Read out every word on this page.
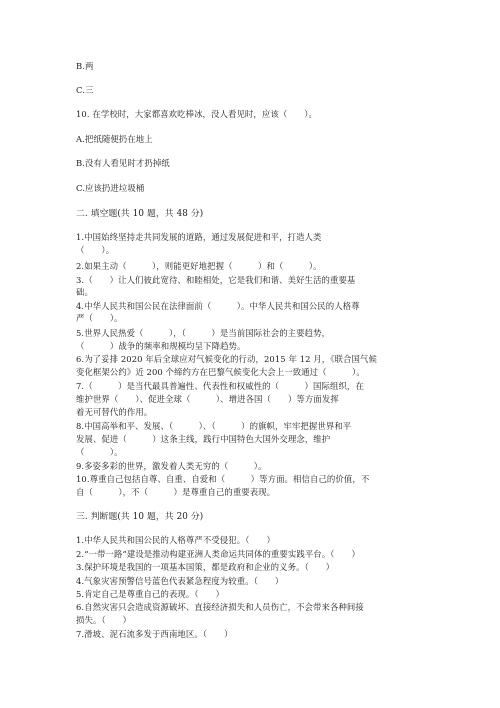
B.两
C.三
10. 在学校时，大家都喜欢吃棒冰，没人看见时，应该（　　）。
A.把纸随便扔在地上
B.没有人看见时才扔掉纸
C.应该扔进垃圾桶
二. 填空题(共 10 题，共 48 分)
1.中国始终坚持走共同发展的道路，通过发展促进和平，打造人类
（　　）。
2.如果主动（　　　），则能更好地把握（　　　）和（　　　）。
3.（　　）让人们彼此宽待、和睦相处，它是我们和谐、美好生活的重要基
础。
4.中华人民共和国公民在法律面前（　　　）。中华人民共和国公民的人格尊
严（　　）。
5.世界人民热爱（　　　），（　　　）是当前国际社会的主要趋势，
（　　　）战争的频率和规模均呈下降趋势。
6.为了妥排 2020 年后全球应对气候变化的行动，2015 年 12 月，《联合国气候
变化框架公约》近 200 个缔约方在巴黎气候变化大会上一致通过（　　　）。
7.（　　　）是当代最具普遍性、代表性和权威性的（　　　）国际组织，在
维护世界（　　）、促进全球（　　　）、增进各国（　　）等方面发挥
着无可替代的作用。
8.中国高举和平、发展、（　　　）、（　　　）的旗帜，牢牢把握世界和平
发展、促进（　　　）这条主线，践行中国特色大国外交理念，维护
（　　　）。
9.多姿多彩的世界，激发着人类无穷的（　　　）。
10.尊重自己包括自尊、自重、自爱和（　　　）等方面。相信自己的价值，不
自（　　　），不（　　　）是尊重自己的重要表现。
三. 判断题(共 10 题，共 20 分)
1.中华人民共和国公民的人格尊严不受侵犯。（　　）
2.“一带一路”建设是推动构建亚洲人类命运共同体的重要实践平台。（　　）
3.保护环境是我国的一项基本国策，都是政府和企业的义务。（　　）
4.气象灾害预警信号蓝色代表紧急程度为较重。（　　）
5.肯定自己是尊重自己的表现。（　　）
6.自然灾害只会造成资源破坏、直接经济损失和人员伤亡，不会带来各种间接
损失。（　　）
7.滑坡、泥石流多发于西南地区。（　　）
